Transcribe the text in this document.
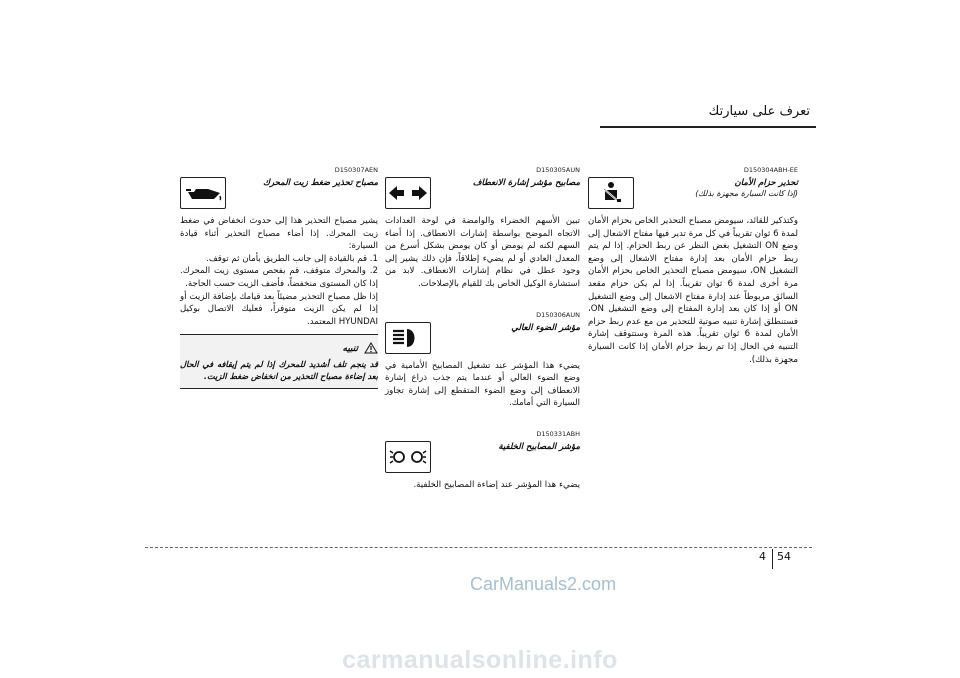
تعرف على سيارتك
D150304ABH-EE
تحذير حزام الأمان
(إذا كانت السيارة مجهزة بذلك)
وكتذكير للقائد، سيومض مصباح التحذير الخاص بحزام الأمان لمدة 6 ثوان تقريباً في كل مرة تدير فيها مفتاح الاشعال إلى وضع ON التشغيل بغض النظر عن ربط الحزام. إذا لم يتم ربط حزام الأمان بعد إدارة مفتاح الاشعال إلى وضع التشغيل ON، سيومض مصباح التحذير الخاص بحزام الأمان مرة أخرى لمدة 6 ثوان تقريباً. إذا لم يكن حزام مقعد السائق مربوطاً عند إدارة مفتاح الاشعال إلى وضع التشغيل ON أو إذا كان بعد إدارة المفتاح إلى وضع التشغيل ON، فستنطلق إشارة تنبيه صوتية للتحذير من مع عدم ربط حزام الأمان لمدة 6 ثوان تقريباً. هذه المرة وستتوقف إشارة التنبيه في الحال إذا تم ربط حزام الأمان إذا كانت السيارة مجهزة بذلك).
D150305AUN
مصابيح مؤشر إشارة الانعطاف
تبين الأسهم الخضراء والوامضة في لوحة العدادات الاتجاه الموضح بواسطة إشارات الانعطاف. إذا أضاء السهم لكنه لم يومض أو كان يومض بشكل أسرع من المعدل العادي أو لم يضيء إطلاقاً، فإن ذلك يشير إلى وجود عطل في نظام إشارات الانعطاف. لابد من استشارة الوكيل الخاص بك للقيام بالإصلاحات.
D150306AUN
مؤشر الضوء العالي
يضيء هذا المؤشر عند تشغيل المصابيح الأمامية في وضع الضوء العالي أو عندما يتم جذب ذراع إشارة الانعطاف إلى وضع الضوء المتقطع إلى إشارة تجاوز السيارة التي أمامك.
D150331ABH
مؤشر المصابيح الخلفية
يضيء هذا المؤشر عند إضاءة المصابيح الخلفية.
D150307AEN
مصباح تحذير ضغط زيت المحرك
يشير مصباح التحذير هذا إلى حدوث انخفاض في ضغط زيت المحرك. إذا أضاء مصباح التحذير أثناء قيادة السيارة:
1. قم بالقيادة إلى جانب الطريق بأمان ثم توقف.
2. والمحرك متوقف، قم بفحص مستوى زيت المحرك. إذا كان المستوى منخفضاً، فأضف الزيت حسب الحاجة.
إذا ظل مصباح التحذير مضيئاً بعد قيامك بإضافة الزيت أو إذا لم يكن الزيت متوفراً، فعليك الاتصال بوكيل HYUNDAI المعتمد.
تنبيه
قد ينجم تلف أشديد للمحرك إذا لم يتم إيقافه في الحال بعد إضاءة مصباح التحذير من انخفاض ضغط الزيت.
4 54
CarManuals2.com
carmanualsonline.info
